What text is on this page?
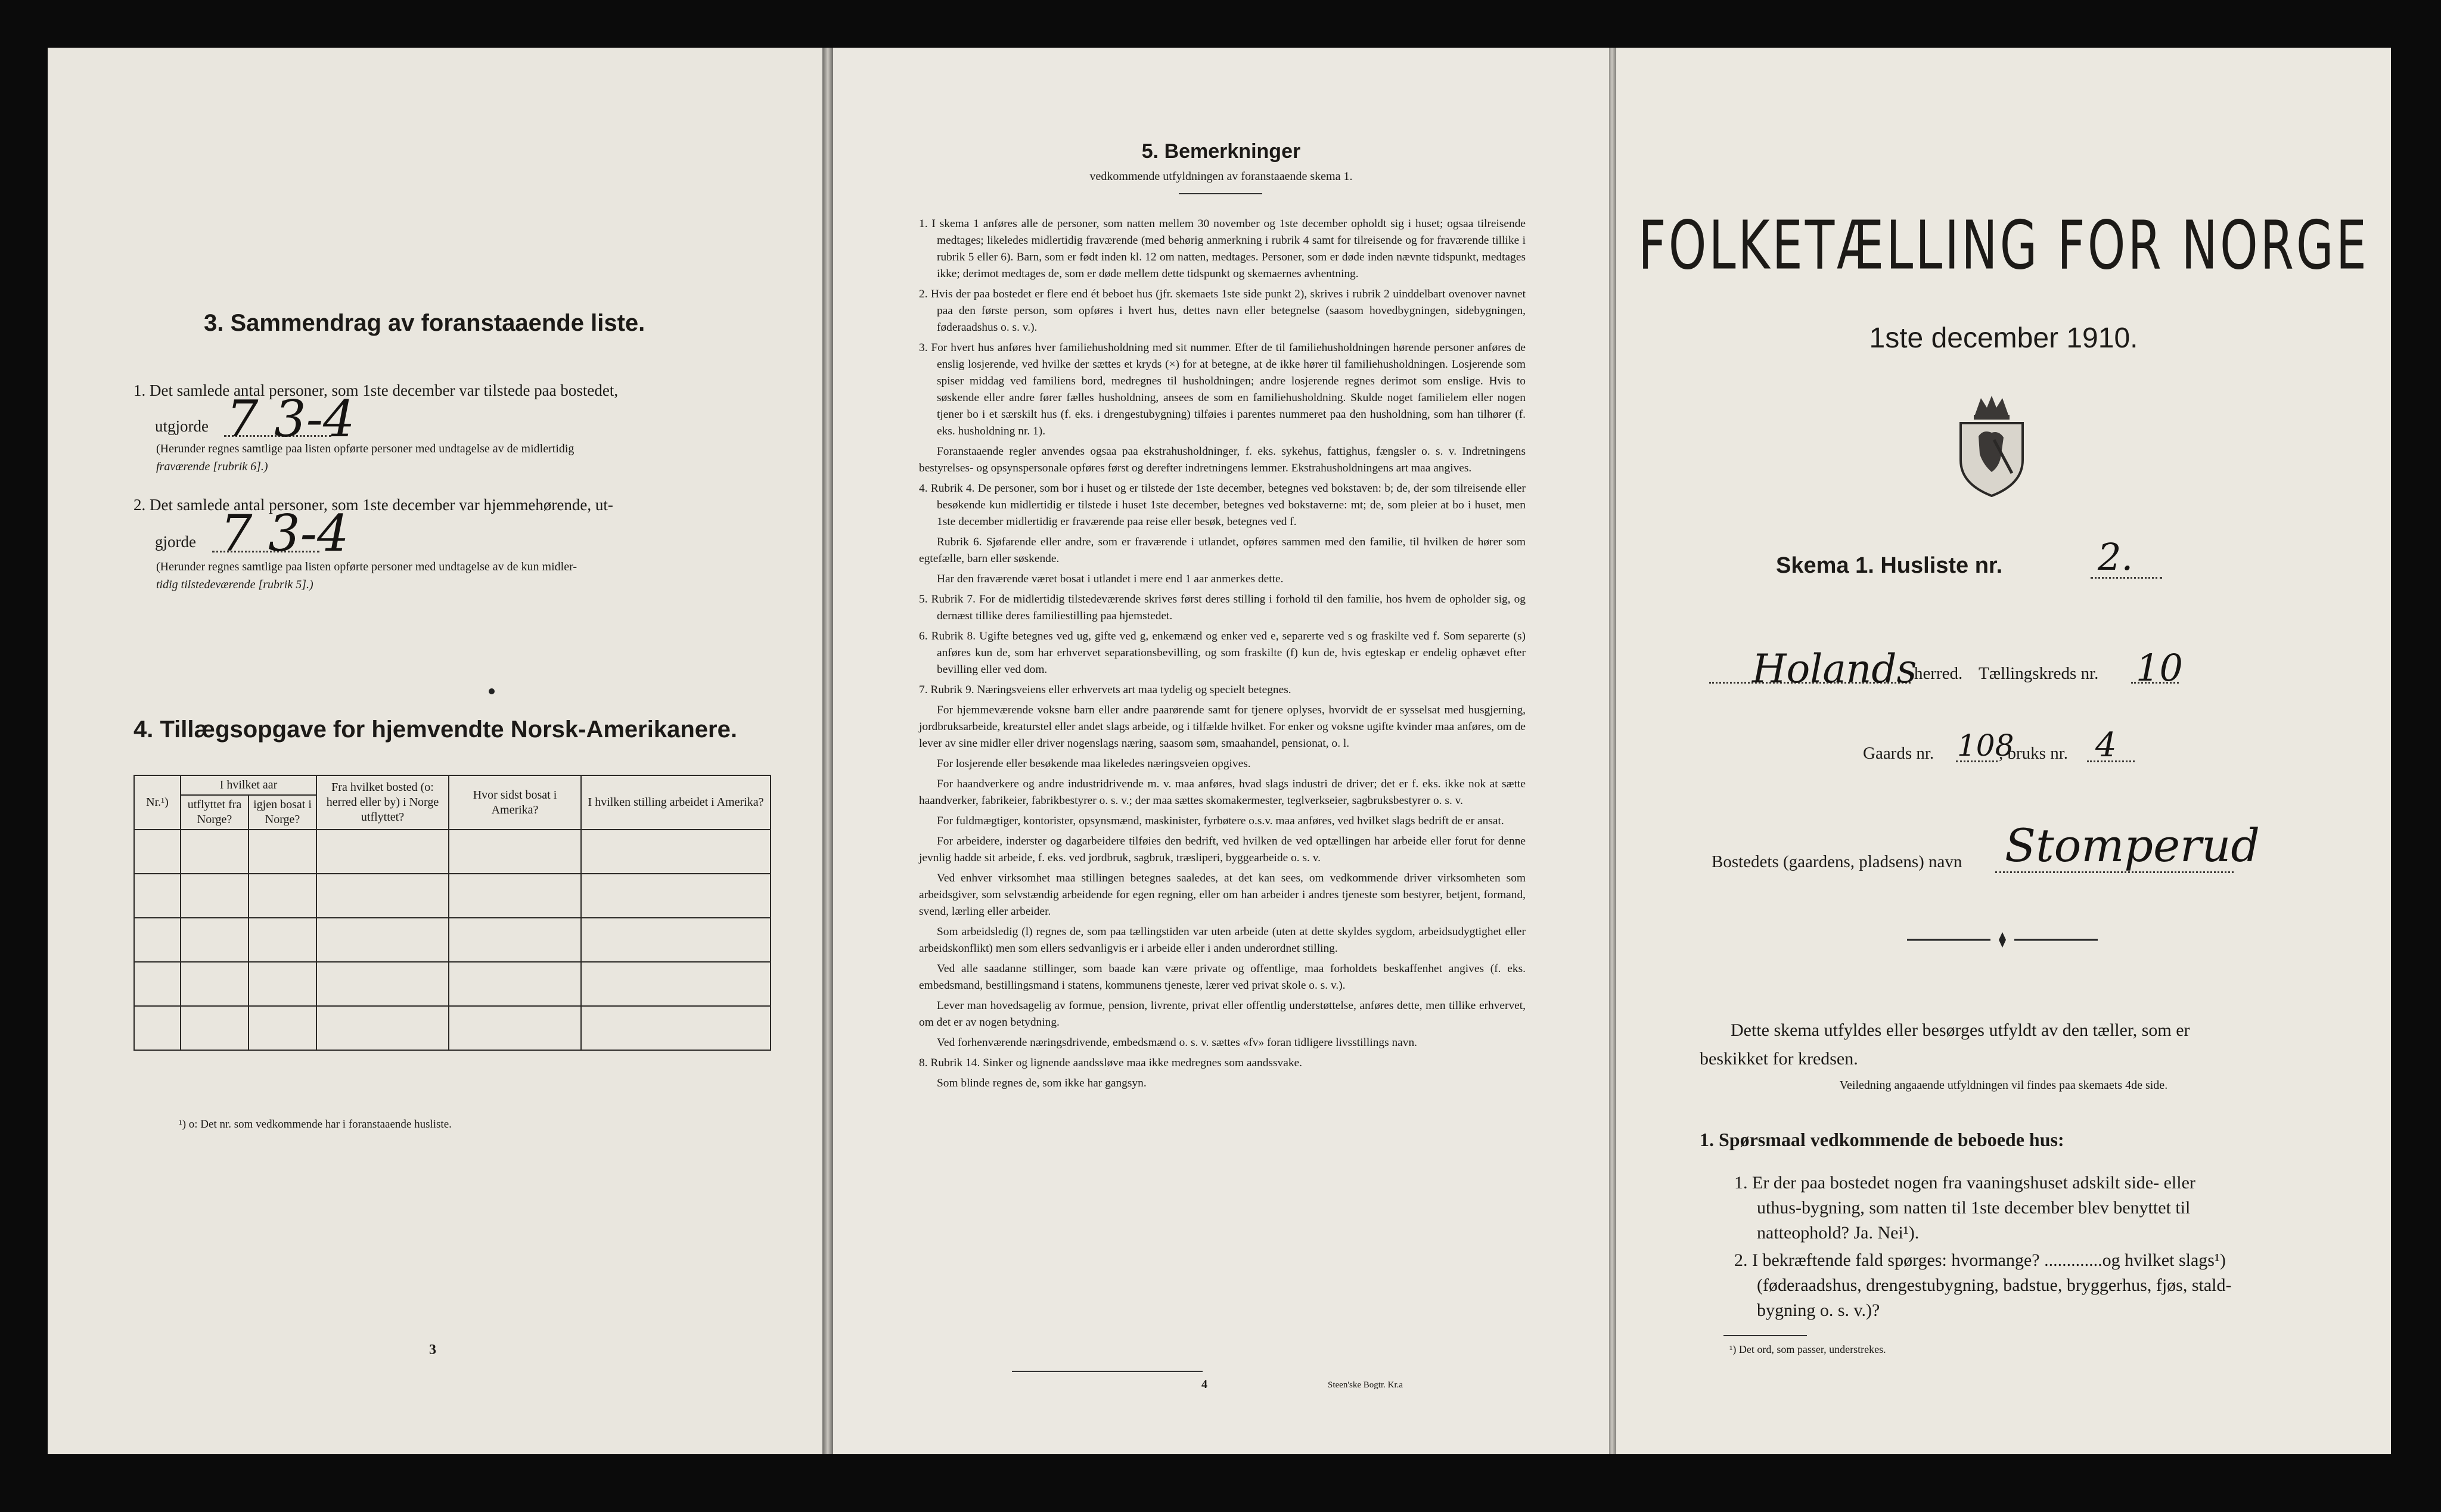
3. Sammendrag av foranstaaende liste.
1. Det samlede antal personer, som 1ste december var tilstede paa bostedet,
utgjorde 7 3-4
(Herunder regnes samtlige paa listen opførte personer med undtagelse av de midlertidig
fraværende [rubrik 6].)
2. Det samlede antal personer, som 1ste december var hjemmehørende, ut-
gjorde 7 3-4
(Herunder regnes samtlige paa listen opførte personer med undtagelse av de kun midler-
tidig tilstedeværende [rubrik 5].)
4. Tillægsopgave for hjemvendte Norsk-Amerikanere.
Nr.¹)	I hvilket aar		Fra hvilket bosted (o: herred eller by) i Norge utflyttet?	Hvor sidst bosat i Amerika?	I hvilken stilling arbeidet i Amerika?
	utflyttet fra Norge?	igjen bosat i Norge?			

¹) o: Det nr. som vedkommende har i foranstaaende husliste.
3
5. Bemerkninger
vedkommende utfyldningen av foranstaaende skema 1.

1. I skema 1 anføres alle de personer, som natten mellem 30 november og 1ste december opholdt sig i huset; ogsaa tilreisende medtages; likeledes midlertidig fraværende (med behørig anmerkning i rubrik 4 samt for tilreisende og for fraværende tillike i rubrik 5 eller 6). Barn, som er født inden kl. 12 om natten, medtages. Personer, som er døde inden nævnte tidspunkt, medtages ikke; derimot medtages de, som er døde mellem dette tidspunkt og skemaernes avhentning.

2. Hvis der paa bostedet er flere end ét beboet hus (jfr. skemaets 1ste side punkt 2), skrives i rubrik 2 uinddelbart ovenover navnet paa den første person, som opføres i hvert hus, dettes navn eller betegnelse (saasom hovedbygningen, sidebygningen, føderaadshus o. s. v.).

3. For hvert hus anføres hver familiehusholdning med sit nummer. Efter de til familiehusholdningen hørende personer anføres de enslig losjerende, ved hvilke der sættes et kryds (×) for at betegne, at de ikke hører til familiehusholdningen. Losjerende som spiser middag ved familiens bord, medregnes til husholdningen; andre losjerende regnes derimot som enslige. Hvis to søskende eller andre fører fælles husholdning, ansees de som en familiehusholdning. Skulde noget familielem eller nogen tjener bo i et særskilt hus (f. eks. i drengestubygning) tilføies i parentes nummeret paa den husholdning, som han tilhører (f. eks. husholdning nr. 1).

Foranstaaende regler anvendes ogsaa paa ekstrahusholdninger, f. eks. sykehus, fattighus, fængsler o. s. v. Indretningens bestyrelses- og opsynspersonale opføres først og derefter indretningens lemmer. Ekstrahusholdningens art maa angives.

4. Rubrik 4. De personer, som bor i huset og er tilstede der 1ste december, betegnes ved bokstaven: b; de, der som tilreisende eller besøkende kun midlertidig er tilstede i huset 1ste december, betegnes ved bokstaverne: mt; de, som pleier at bo i huset, men 1ste december midlertidig er fraværende paa reise eller besøk, betegnes ved f.

Rubrik 6. Sjøfarende eller andre, som er fraværende i utlandet, opføres sammen med den familie, til hvilken de hører som egtefælle, barn eller søskende.

Har den fraværende været bosat i utlandet i mere end 1 aar anmerkes dette.

5. Rubrik 7. For de midlertidig tilstedeværende skrives først deres stilling i forhold til den familie, hos hvem de opholder sig, og dernæst tillike deres familiestilling paa hjemstedet.

6. Rubrik 8. Ugifte betegnes ved ug, gifte ved g, enkemænd og enker ved e, separerte ved s og fraskilte ved f. Som separerte (s) anføres kun de, som har erhvervet separationsbevilling, og som fraskilte (f) kun de, hvis egteskap er endelig ophævet efter bevilling eller ved dom.

7. Rubrik 9. Næringsveiens eller erhvervets art maa tydelig og specielt betegnes.

For hjemmeværende voksne barn eller andre paarørende samt for tjenere oplyses, hvorvidt de er sysselsat med husgjerning, jordbruksarbeide, kreaturstel eller andet slags arbeide, og i tilfælde hvilket. For enker og voksne ugifte kvinder maa anføres, om de lever av sine midler eller driver nogenslags næring, saasom søm, smaahandel, pensionat, o. l.

For losjerende eller besøkende maa likeledes næringsveien opgives.

For haandverkere og andre industridrivende m. v. maa anføres, hvad slags industri de driver; det er f. eks. ikke nok at sætte haandverker, fabrikeier, fabrikbestyrer o. s. v.; der maa sættes skomakermester, teglverkseier, sagbruksbestyrer o. s. v.

For fuldmægtiger, kontorister, opsynsmænd, maskinister, fyrbøtere o.s.v. maa anføres, ved hvilket slags bedrift de er ansat.

For arbeidere, inderster og dagarbeidere tilføies den bedrift, ved hvilken de ved optællingen har arbeide eller forut for denne jevnlig hadde sit arbeide, f. eks. ved jordbruk, sagbruk, træsliperi, byggearbeide o. s. v.

Ved enhver virksomhet maa stillingen betegnes saaledes, at det kan sees, om vedkommende driver virksomheten som arbeidsgiver, som selvstændig arbeidende for egen regning, eller om han arbeider i andres tjeneste som bestyrer, betjent, formand, svend, lærling eller arbeider.

Som arbeidsledig (l) regnes de, som paa tællingstiden var uten arbeide (uten at dette skyldes sygdom, arbeidsudygtighet eller arbeidskonflikt) men som ellers sedvanligvis er i arbeide eller i anden underordnet stilling.

Ved alle saadanne stillinger, som baade kan være private og offentlige, maa forholdets beskaffenhet angives (f. eks. embedsmand, bestillingsmand i statens, kommunens tjeneste, lærer ved privat skole o. s. v.).

Lever man hovedsagelig av formue, pension, livrente, privat eller offentlig understøttelse, anføres dette, men tillike erhvervet, om det er av nogen betydning.

Ved forhenværende næringsdrivende, embedsmænd o. s. v. sættes «fv» foran tidligere livsstillings navn.

8. Rubrik 14. Sinker og lignende aandssløve maa ikke medregnes som aandssvake.

Som blinde regnes de, som ikke har gangsyn.

4	Steen'ske Bogtr. Kr.a
FOLKETÆLLING FOR NORGE
1ste december 1910.
Skema 1. Husliste nr.	2.
Holands
herred. Tællingskreds nr. 10
Gaards nr. 108
, bruks nr. 4
Bostedets (gaardens, pladsens) navn Stomperud
Dette skema utfyldes eller besørges utfyldt av den tæller, som er
beskikket for kredsen.
Veiledning angaaende utfyldningen vil findes paa skemaets 4de side.
1. Spørsmaal vedkommende de beboede hus:
1. Er der paa bostedet nogen fra vaaningshuset adskilt side- eller
uthus-bygning, som natten til 1ste december blev benyttet til
natteophold? Ja. Nei¹).
2. I bekræftende fald spørges: hvormange? .............og hvilket slags¹)
(føderaadshus, drengestubygning, badstue, bryggerhus, fjøs, stald-
bygning o. s. v.)?
¹) Det ord, som passer, understrekes.
